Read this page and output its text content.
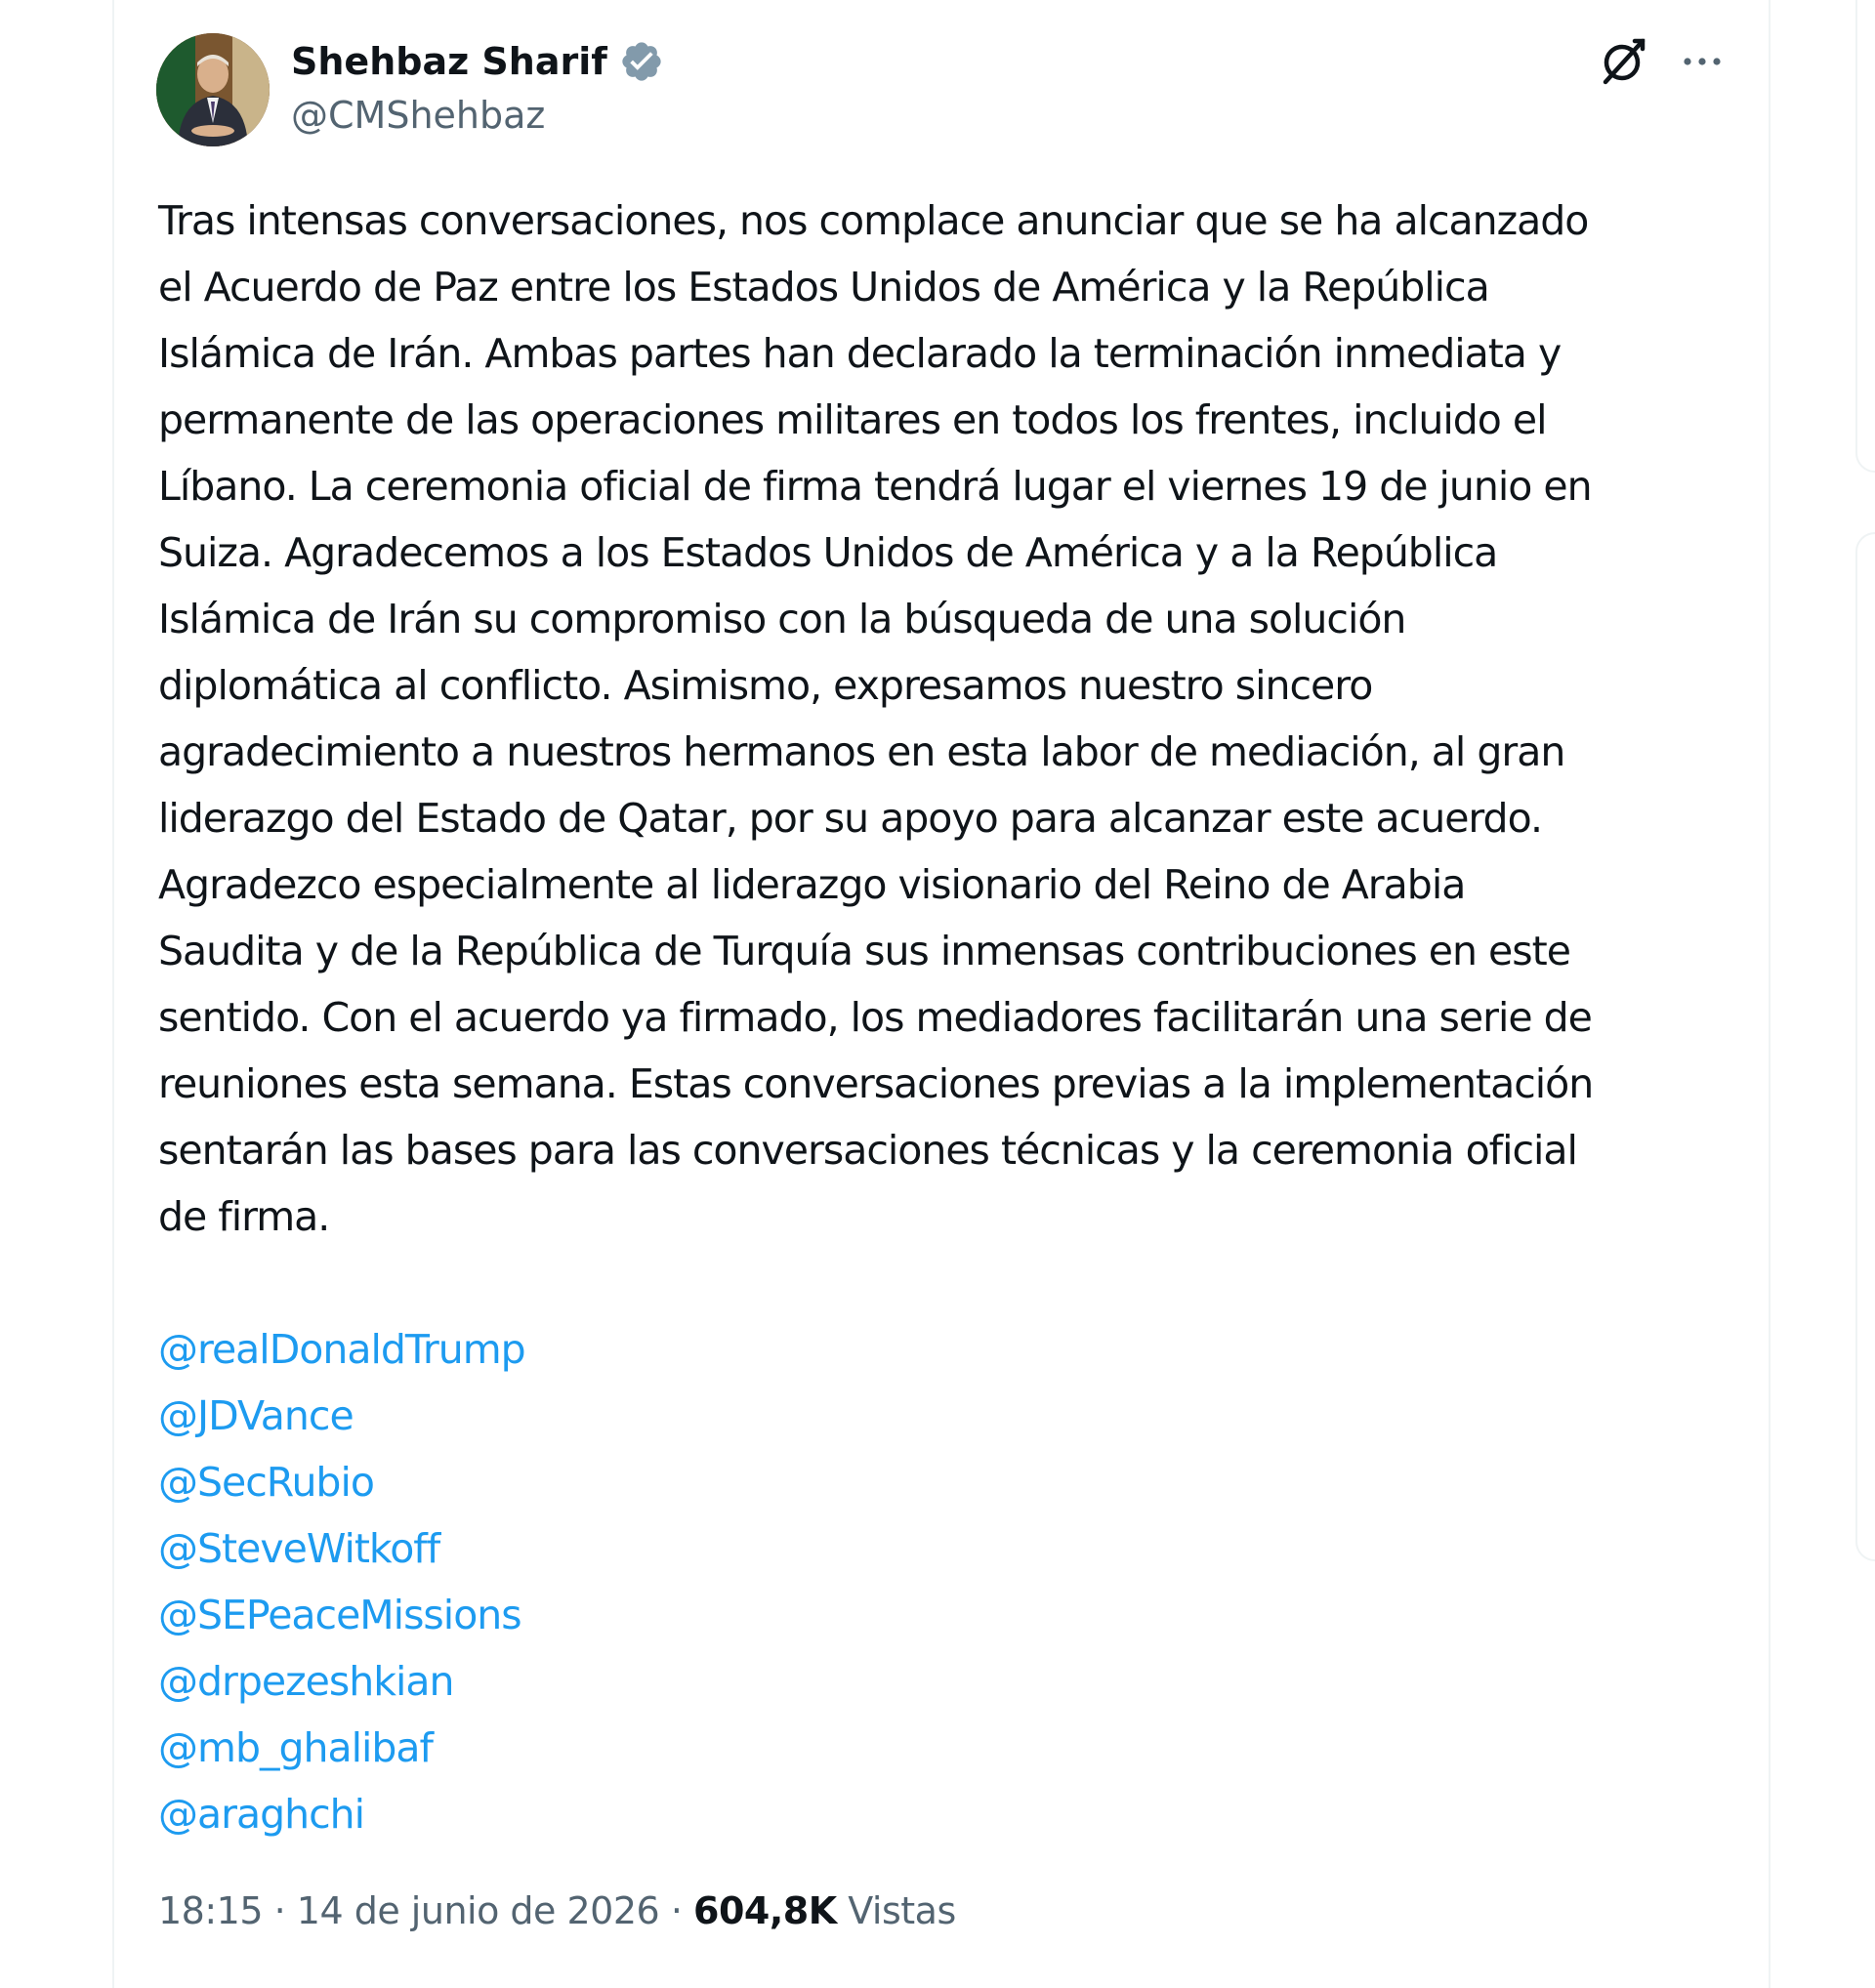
Shehbaz Sharif
@CMShehbaz
Tras intensas conversaciones, nos complace anunciar que se ha alcanzado
el Acuerdo de Paz entre los Estados Unidos de América y la República
Islámica de Irán. Ambas partes han declarado la terminación inmediata y
permanente de las operaciones militares en todos los frentes, incluido el
Líbano. La ceremonia oficial de firma tendrá lugar el viernes 19 de junio en
Suiza. Agradecemos a los Estados Unidos de América y a la República
Islámica de Irán su compromiso con la búsqueda de una solución
diplomática al conflicto. Asimismo, expresamos nuestro sincero
agradecimiento a nuestros hermanos en esta labor de mediación, al gran
liderazgo del Estado de Qatar, por su apoyo para alcanzar este acuerdo.
Agradezco especialmente al liderazgo visionario del Reino de Arabia
Saudita y de la República de Turquía sus inmensas contribuciones en este
sentido. Con el acuerdo ya firmado, los mediadores facilitarán una serie de
reuniones esta semana. Estas conversaciones previas a la implementación
sentarán las bases para las conversaciones técnicas y la ceremonia oficial
de firma.
@realDonaldTrump
@JDVance
@SecRubio
@SteveWitkoff
@SEPeaceMissions
@drpezeshkian
@mb_ghalibaf
@araghchi
18:15 · 14 de junio de 2026 · 604,8K Vistas
